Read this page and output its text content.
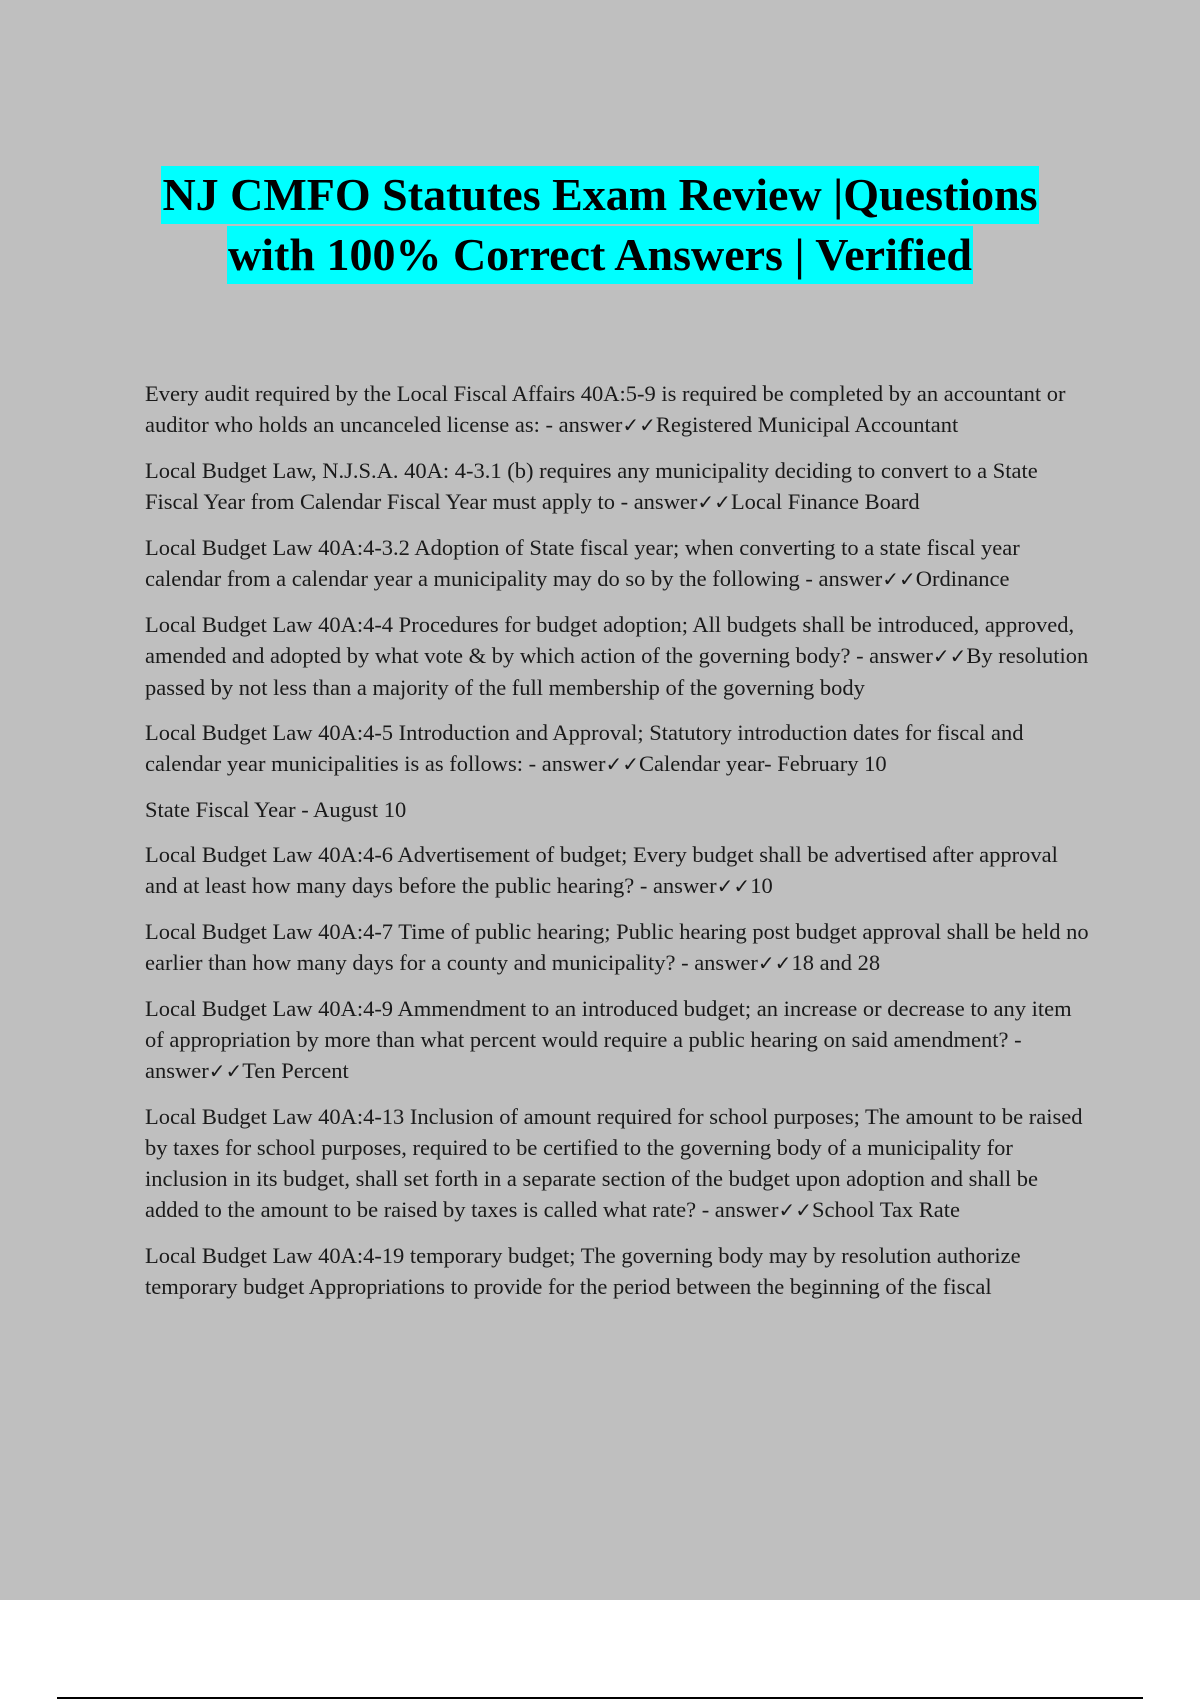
NJ CMFO Statutes Exam Review |Questions
with 100% Correct Answers | Verified

Every audit required by the Local Fiscal Affairs 40A:5-9 is required be completed by an accountant or auditor who holds an uncanceled license as: - answer✓✓Registered Municipal Accountant

Local Budget Law, N.J.S.A. 40A: 4-3.1 (b) requires any municipality deciding to convert to a State Fiscal Year from Calendar Fiscal Year must apply to - answer✓✓Local Finance Board

Local Budget Law 40A:4-3.2 Adoption of State fiscal year; when converting to a state fiscal year calendar from a calendar year a municipality may do so by the following - answer✓✓Ordinance

Local Budget Law 40A:4-4 Procedures for budget adoption; All budgets shall be introduced, approved, amended and adopted by what vote & by which action of the governing body? - answer✓✓By resolution passed by not less than a majority of the full membership of the governing body

Local Budget Law 40A:4-5 Introduction and Approval; Statutory introduction dates for fiscal and calendar year municipalities is as follows: - answer✓✓Calendar year- February 10

State Fiscal Year - August 10

Local Budget Law 40A:4-6 Advertisement of budget; Every budget shall be advertised after approval and at least how many days before the public hearing? - answer✓✓10

Local Budget Law 40A:4-7 Time of public hearing; Public hearing post budget approval shall be held no earlier than how many days for a county and municipality? - answer✓✓18 and 28

Local Budget Law 40A:4-9 Ammendment to an introduced budget; an increase or decrease to any item of appropriation by more than what percent would require a public hearing on said amendment? - answer✓✓Ten Percent

Local Budget Law 40A:4-13 Inclusion of amount required for school purposes; The amount to be raised by taxes for school purposes, required to be certified to the governing body of a municipality for inclusion in its budget, shall set forth in a separate section of the budget upon adoption and shall be added to the amount to be raised by taxes is called what rate? - answer✓✓School Tax Rate

Local Budget Law 40A:4-19 temporary budget; The governing body may by resolution authorize temporary budget Appropriations to provide for the period between the beginning of the fiscal
